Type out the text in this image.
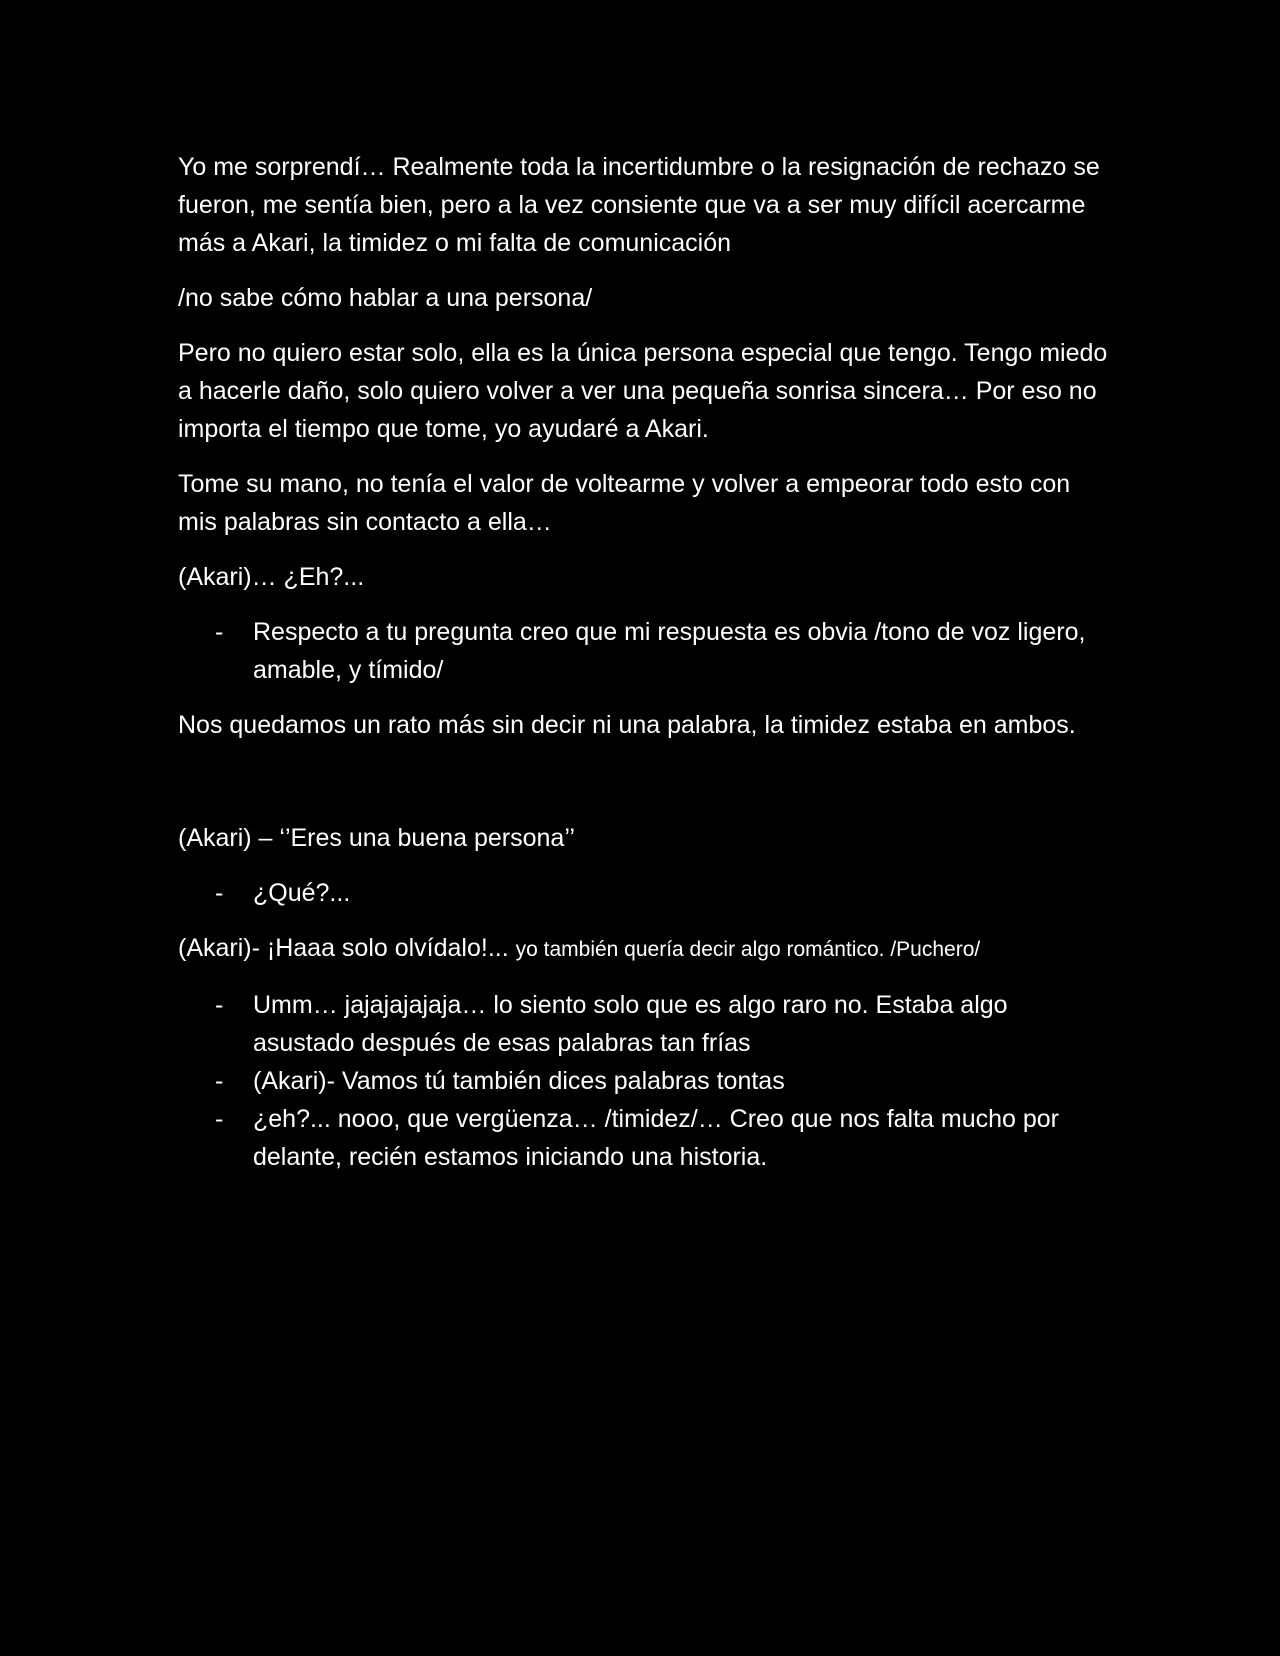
Yo me sorprendí… Realmente toda la incertidumbre o la resignación de rechazo se fueron, me sentía bien, pero a la vez consiente que va a ser muy difícil acercarme más a Akari, la timidez o mi falta de comunicación

/no sabe cómo hablar a una persona/

Pero no quiero estar solo, ella es la única persona especial que tengo. Tengo miedo a hacerle daño, solo quiero volver a ver una pequeña sonrisa sincera… Por eso no importa el tiempo que tome, yo ayudaré a Akari.

Tome su mano, no tenía el valor de voltearme y volver a empeorar todo esto con mis palabras sin contacto a ella…

(Akari)… ¿Eh?...

- Respecto a tu pregunta creo que mi respuesta es obvia /tono de voz ligero, amable, y tímido/

Nos quedamos un rato más sin decir ni una palabra, la timidez estaba en ambos.

(Akari) – ‘’Eres una buena persona’’

- ¿Qué?...

(Akari)- ¡Haaa solo olvídalo!... yo también quería decir algo romántico. /Puchero/

- Umm… jajajajajaja… lo siento solo que es algo raro no. Estaba algo asustado después de esas palabras tan frías
- (Akari)- Vamos tú también dices palabras tontas
- ¿eh?... nooo, que vergüenza… /timidez/… Creo que nos falta mucho por delante, recién estamos iniciando una historia.
